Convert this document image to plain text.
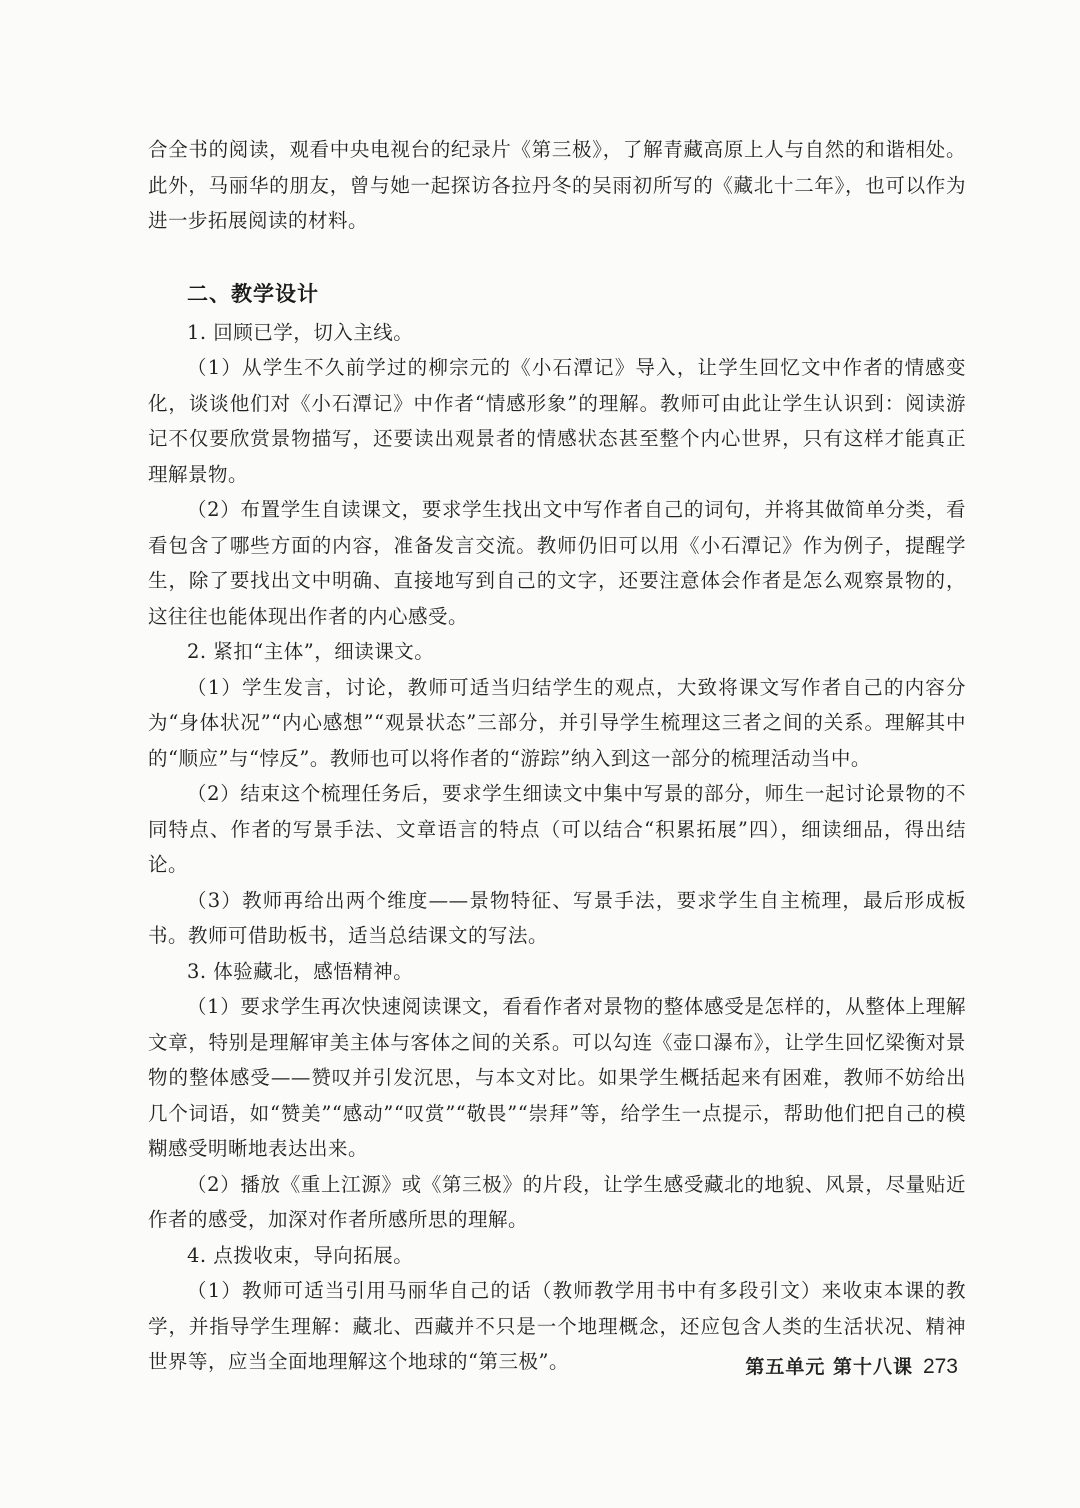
合全书的阅读，观看中央电视台的纪录片《第三极》，了解青藏高原上人与自然的和谐相处。此外，马丽华的朋友，曾与她一起探访各拉丹冬的吴雨初所写的《藏北十二年》，也可以作为进一步拓展阅读的材料。

二、教学设计

1. 回顾已学，切入主线。

（1）从学生不久前学过的柳宗元的《小石潭记》导入，让学生回忆文中作者的情感变化，谈谈他们对《小石潭记》中作者“情感形象”的理解。教师可由此让学生认识到：阅读游记不仅要欣赏景物描写，还要读出观景者的情感状态甚至整个内心世界，只有这样才能真正理解景物。

（2）布置学生自读课文，要求学生找出文中写作者自己的词句，并将其做简单分类，看看包含了哪些方面的内容，准备发言交流。教师仍旧可以用《小石潭记》作为例子，提醒学生，除了要找出文中明确、直接地写到自己的文字，还要注意体会作者是怎么观察景物的，这往往也能体现出作者的内心感受。

2. 紧扣“主体”，细读课文。

（1）学生发言，讨论，教师可适当归结学生的观点，大致将课文写作者自己的内容分为“身体状况”“内心感想”“观景状态”三部分，并引导学生梳理这三者之间的关系。理解其中的“顺应”与“悖反”。教师也可以将作者的“游踪”纳入到这一部分的梳理活动当中。

（2）结束这个梳理任务后，要求学生细读文中集中写景的部分，师生一起讨论景物的不同特点、作者的写景手法、文章语言的特点（可以结合“积累拓展”四），细读细品，得出结论。

（3）教师再给出两个维度——景物特征、写景手法，要求学生自主梳理，最后形成板书。教师可借助板书，适当总结课文的写法。

3. 体验藏北，感悟精神。

（1）要求学生再次快速阅读课文，看看作者对景物的整体感受是怎样的，从整体上理解文章，特别是理解审美主体与客体之间的关系。可以勾连《壶口瀑布》，让学生回忆梁衡对景物的整体感受——赞叹并引发沉思，与本文对比。如果学生概括起来有困难，教师不妨给出几个词语，如“赞美”“感动”“叹赏”“敬畏”“崇拜”等，给学生一点提示，帮助他们把自己的模糊感受明晰地表达出来。

（2）播放《重上江源》或《第三极》的片段，让学生感受藏北的地貌、风景，尽量贴近作者的感受，加深对作者所感所思的理解。

4. 点拨收束，导向拓展。

（1）教师可适当引用马丽华自己的话（教师教学用书中有多段引文）来收束本课的教学，并指导学生理解：藏北、西藏并不只是一个地理概念，还应包含人类的生活状况、精神世界等，应当全面地理解这个地球的“第三极”。	第五单元 第十八课 273
